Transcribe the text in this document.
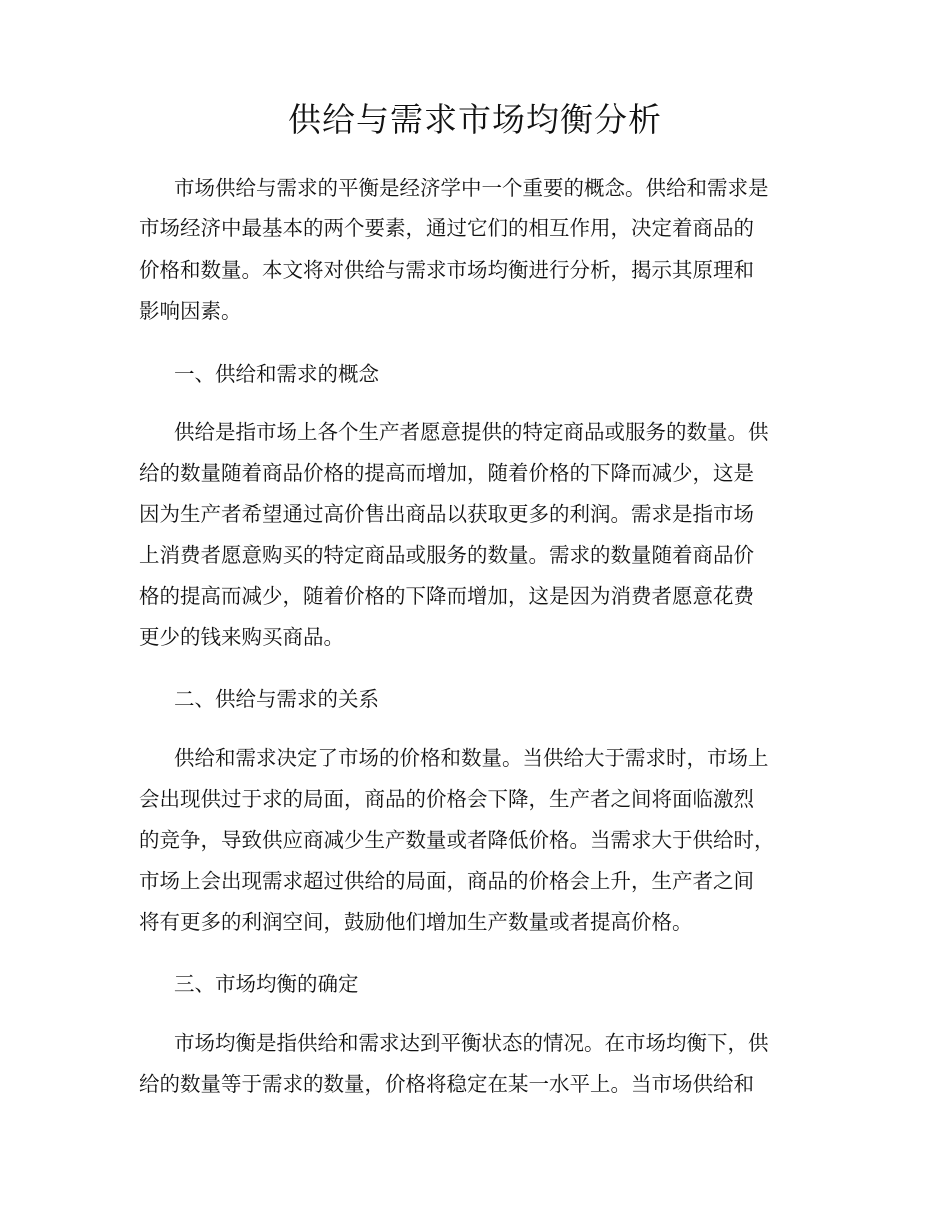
供给与需求市场均衡分析
市场供给与需求的平衡是经济学中一个重要的概念。供给和需求是
市场经济中最基本的两个要素，通过它们的相互作用，决定着商品的
价格和数量。本文将对供给与需求市场均衡进行分析，揭示其原理和
影响因素。
一、供给和需求的概念
供给是指市场上各个生产者愿意提供的特定商品或服务的数量。供
给的数量随着商品价格的提高而增加，随着价格的下降而减少，这是
因为生产者希望通过高价售出商品以获取更多的利润。需求是指市场
上消费者愿意购买的特定商品或服务的数量。需求的数量随着商品价
格的提高而减少，随着价格的下降而增加，这是因为消费者愿意花费
更少的钱来购买商品。
二、供给与需求的关系
供给和需求决定了市场的价格和数量。当供给大于需求时，市场上
会出现供过于求的局面，商品的价格会下降，生产者之间将面临激烈
的竞争，导致供应商减少生产数量或者降低价格。当需求大于供给时，
市场上会出现需求超过供给的局面，商品的价格会上升，生产者之间
将有更多的利润空间，鼓励他们增加生产数量或者提高价格。
三、市场均衡的确定
市场均衡是指供给和需求达到平衡状态的情况。在市场均衡下，供
给的数量等于需求的数量，价格将稳定在某一水平上。当市场供给和
